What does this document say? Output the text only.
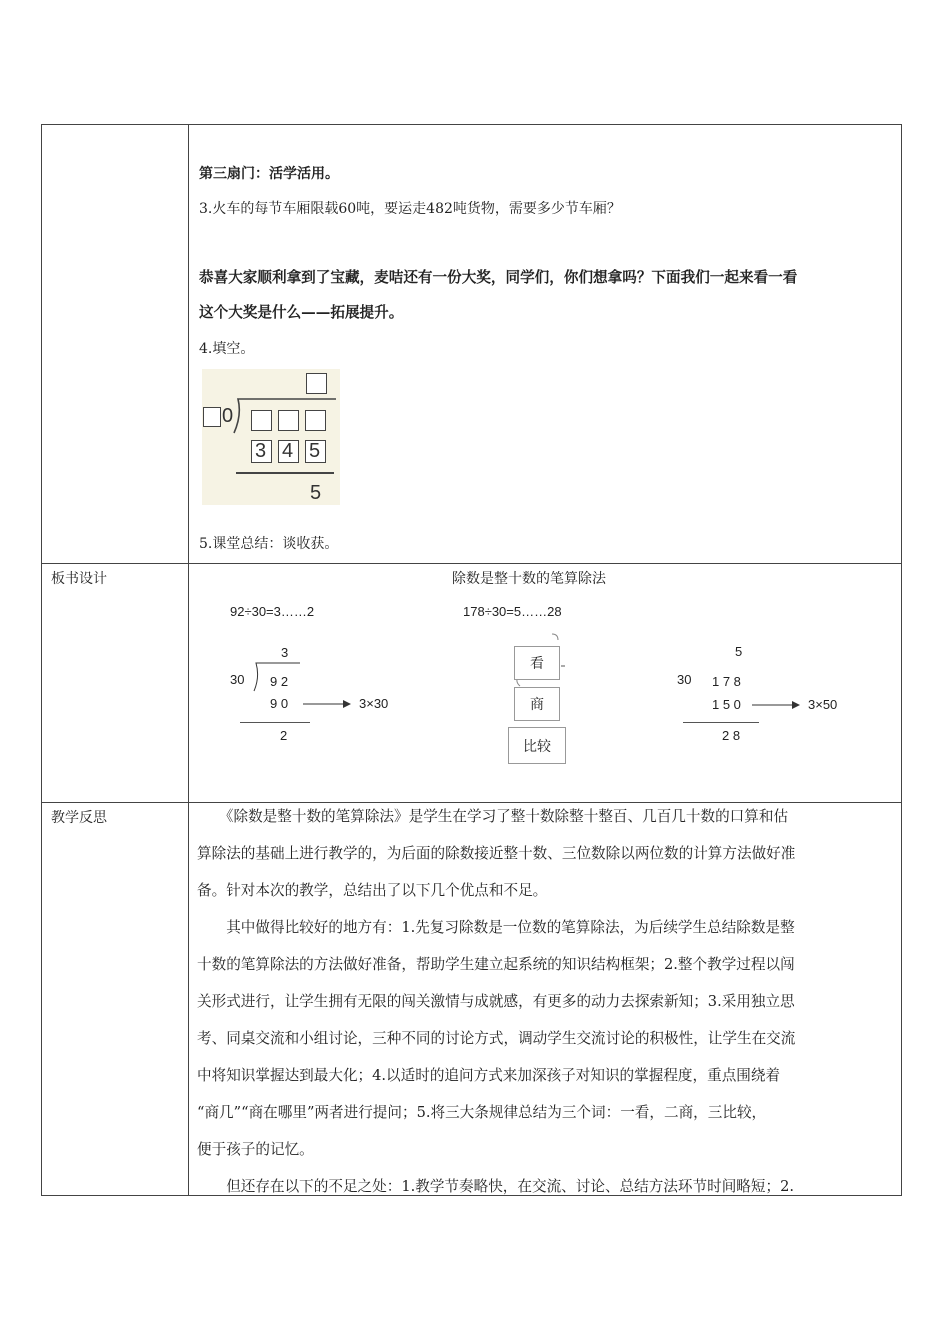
第三扇门：活学活用。
3.火车的每节车厢限载60吨，要运走482吨货物，需要多少节车厢？
恭喜大家顺利拿到了宝藏，麦咭还有一份大奖，同学们，你们想拿吗？下面我们一起来看一看
这个大奖是什么——拓展提升。
4.填空。
0
3 4 5
5
5.课堂总结：谈收获。
板书设计	除数是整十数的笔算除法
92÷30=3……2	178÷30=5……28
3
30 9 2
9 0	3×30
2
看
商
比较
5
30 1 7 8
1 5 0	3×50
2 8
教学反思	　　《除数是整十数的笔算除法》是学生在学习了整十数除整十整百、几百几十数的口算和估
算除法的基础上进行教学的，为后面的除数接近整十数、三位数除以两位数的计算方法做好准
备。针对本次的教学，总结出了以下几个优点和不足。
　　其中做得比较好的地方有：1.先复习除数是一位数的笔算除法，为后续学生总结除数是整
十数的笔算除法的方法做好准备，帮助学生建立起系统的知识结构框架；2.整个教学过程以闯
关形式进行，让学生拥有无限的闯关激情与成就感，有更多的动力去探索新知；3.采用独立思
考、同桌交流和小组讨论，三种不同的讨论方式，调动学生交流讨论的积极性，让学生在交流
中将知识掌握达到最大化；4.以适时的追问方式来加深孩子对知识的掌握程度，重点围绕着
“商几”“商在哪里”两者进行提问；5.将三大条规律总结为三个词：一看，二商，三比较，
便于孩子的记忆。
　　但还存在以下的不足之处：1.教学节奏略快，在交流、讨论、总结方法环节时间略短；2.
